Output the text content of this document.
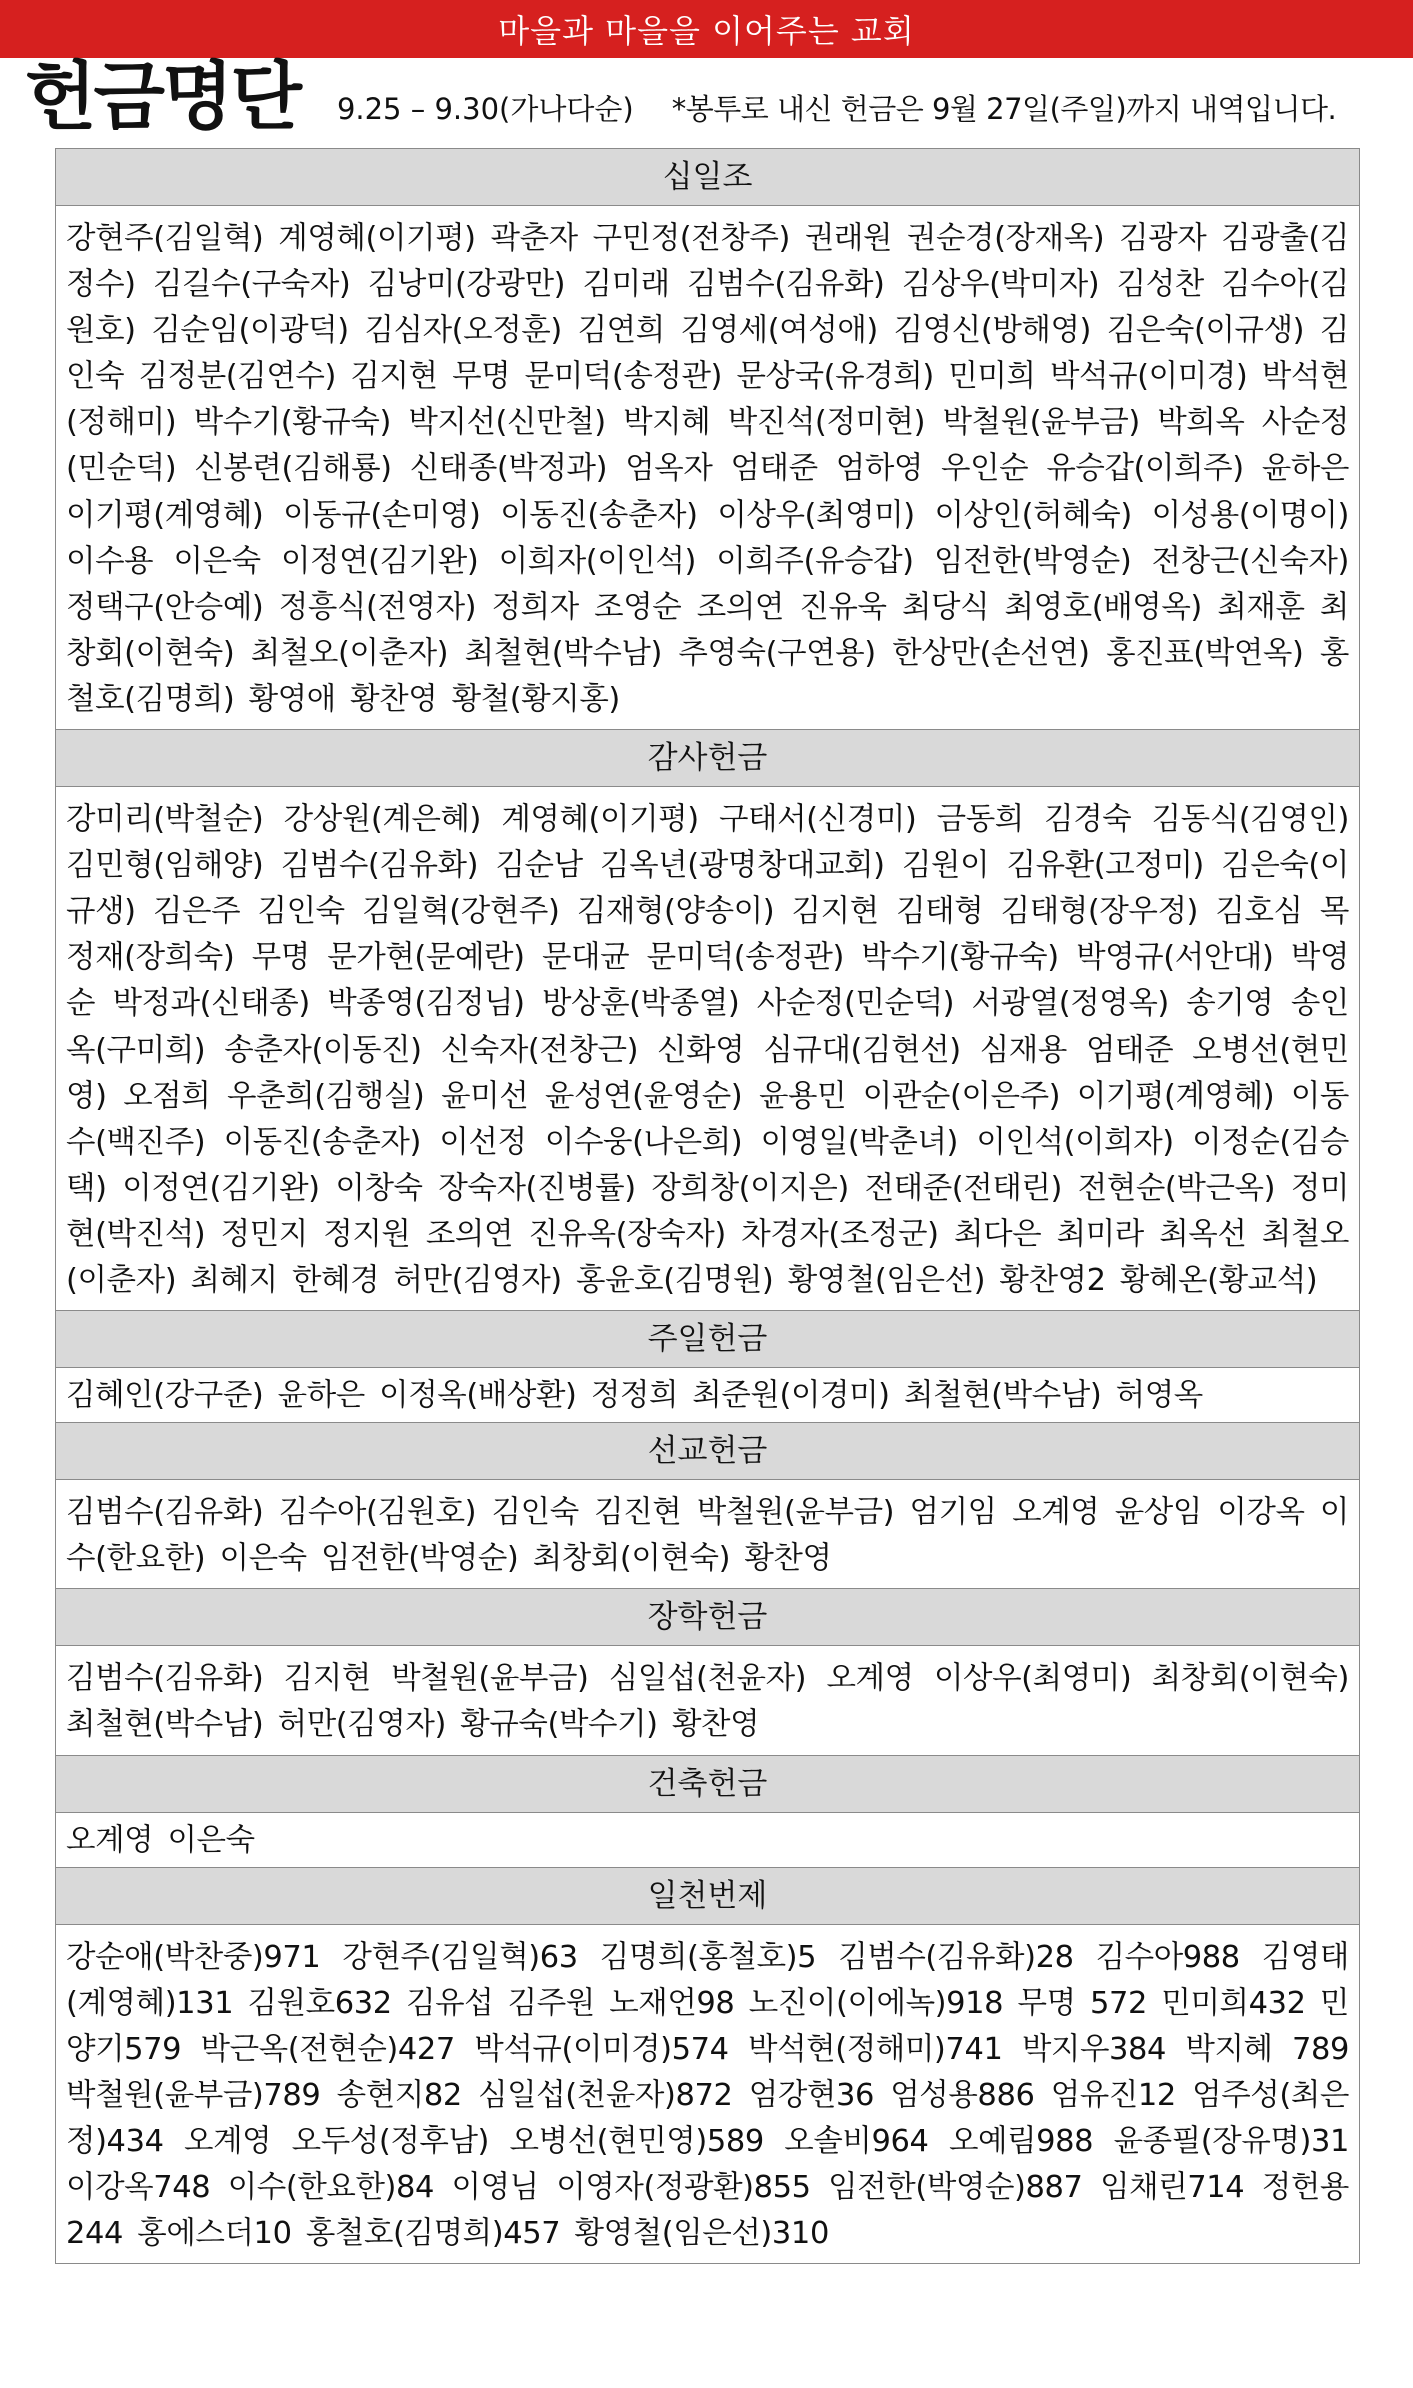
마을과 마을을 이어주는 교회
헌금명단 9.25 – 9.30(가나다순) *봉투로 내신 헌금은 9월 27일(주일)까지 내역입니다.
십일조
강현주(김일혁) 계영혜(이기평) 곽춘자 구민정(전창주) 권래원 권순경(장재옥) 김광자 김광출(김정수) 김길수(구숙자) 김낭미(강광만) 김미래 김범수(김유화) 김상우(박미자) 김성찬 김수아(김원호) 김순임(이광덕) 김심자(오정훈) 김연희 김영세(여성애) 김영신(방해영) 김은숙(이규생) 김인숙 김정분(김연수) 김지현 무명 문미덕(송정관) 문상국(유경희) 민미희 박석규(이미경) 박석현(정해미) 박수기(황규숙) 박지선(신만철) 박지혜 박진석(정미현) 박철원(윤부금) 박희옥 사순정(민순덕) 신봉련(김해룡) 신태종(박정과) 엄옥자 엄태준 엄하영 우인순 유승갑(이희주) 윤하은 이기평(계영혜) 이동규(손미영) 이동진(송춘자) 이상우(최영미) 이상인(허혜숙) 이성용(이명이) 이수용 이은숙 이정연(김기완) 이희자(이인석) 이희주(유승갑) 임전한(박영순) 전창근(신숙자) 정택구(안승예) 정흥식(전영자) 정희자 조영순 조의연 진유욱 최당식 최영호(배영옥) 최재훈 최창회(이현숙) 최철오(이춘자) 최철현(박수남) 추영숙(구연용) 한상만(손선연) 홍진표(박연옥) 홍철호(김명희) 황영애 황찬영 황철(황지홍)
감사헌금
강미리(박철순) 강상원(계은혜) 계영혜(이기평) 구태서(신경미) 금동희 김경숙 김동식(김영인) 김민형(임해양) 김범수(김유화) 김순남 김옥년(광명창대교회) 김원이 김유환(고정미) 김은숙(이규생) 김은주 김인숙 김일혁(강현주) 김재형(양송이) 김지현 김태형 김태형(장우정) 김호심 목정재(장희숙) 무명 문가현(문예란) 문대균 문미덕(송정관) 박수기(황규숙) 박영규(서안대) 박영순 박정과(신태종) 박종영(김정님) 방상훈(박종열) 사순정(민순덕) 서광열(정영옥) 송기영 송인옥(구미희) 송춘자(이동진) 신숙자(전창근) 신화영 심규대(김현선) 심재용 엄태준 오병선(현민영) 오점희 우춘희(김행실) 윤미선 윤성연(윤영순) 윤용민 이관순(이은주) 이기평(계영혜) 이동수(백진주) 이동진(송춘자) 이선정 이수웅(나은희) 이영일(박춘녀) 이인석(이희자) 이정순(김승택) 이정연(김기완) 이창숙 장숙자(진병률) 장희창(이지은) 전태준(전태린) 전현순(박근옥) 정미현(박진석) 정민지 정지원 조의연 진유옥(장숙자) 차경자(조정군) 최다은 최미라 최옥선 최철오(이춘자) 최혜지 한혜경 허만(김영자) 홍윤호(김명원) 황영철(임은선) 황찬영2 황혜온(황교석)
주일헌금
김혜인(강구준) 윤하은 이정옥(배상환) 정정희 최준원(이경미) 최철현(박수남) 허영옥
선교헌금
김범수(김유화) 김수아(김원호) 김인숙 김진현 박철원(윤부금) 엄기임 오계영 윤상임 이강옥 이수(한요한) 이은숙 임전한(박영순) 최창회(이현숙) 황찬영
장학헌금
김범수(김유화) 김지현 박철원(윤부금) 심일섭(천윤자) 오계영 이상우(최영미) 최창회(이현숙) 최철현(박수남) 허만(김영자) 황규숙(박수기) 황찬영
건축헌금
오계영 이은숙
일천번제
강순애(박찬중)971 강현주(김일혁)63 김명희(홍철호)5 김범수(김유화)28 김수아988 김영태(계영혜)131 김원호632 김유섭 김주원 노재언98 노진이(이에녹)918 무명 572 민미희432 민양기579 박근옥(전현순)427 박석규(이미경)574 박석현(정해미)741 박지우384 박지혜 789 박철원(윤부금)789 송현지82 심일섭(천윤자)872 엄강현36 엄성용886 엄유진12 엄주성(최은정)434 오계영 오두성(정후남) 오병선(현민영)589 오솔비964 오예림988 윤종필(장유명)31 이강옥748 이수(한요한)84 이영님 이영자(정광환)855 임전한(박영순)887 임채린714 정헌용 244 홍에스더10 홍철호(김명희)457 황영철(임은선)310
